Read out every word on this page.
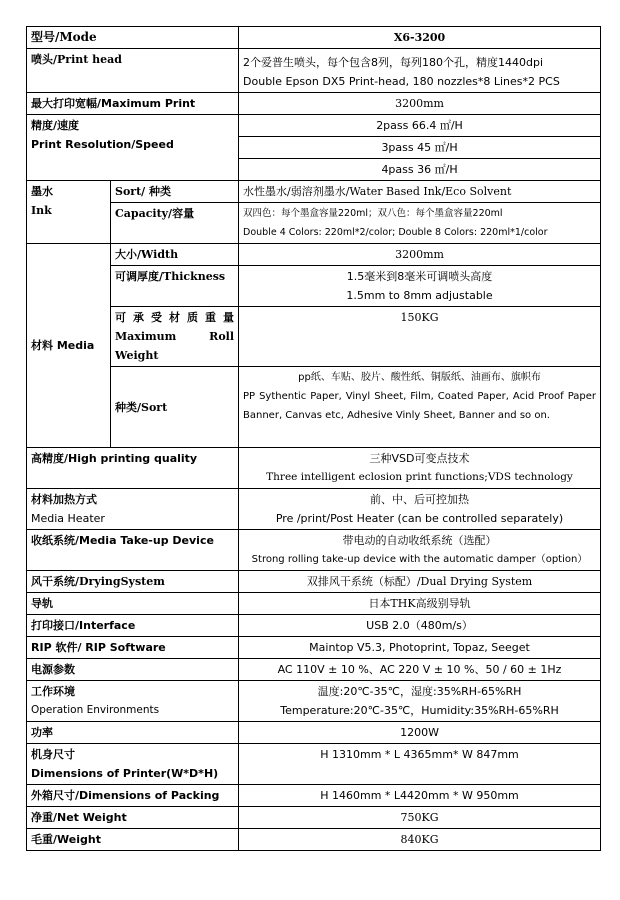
型号/Mode		X6-3200
喷头/Print head		2个爱普生喷头，每个包含8列，每列180个孔，精度1440dpi
Double Epson DX5 Print-head, 180 nozzles*8 Lines*2 PCS

最大打印宽幅/Maximum Print		3200mm

精度/速度
Print Resolution/Speed		2pass 66.4 ㎡/H
		3pass 45 ㎡/H
		4pass 36 ㎡/H

墨水
Ink	Sort/ 种类	水性墨水/弱溶剂墨水/Water Based Ink/Eco Solvent
	Capacity/容量	双四色：每个墨盒容量220ml；双八色：每个墨盒容量220ml
Double 4 Colors: 220ml*2/color; Double 8 Colors: 220ml*1/color

材料 Media	大小/Width	3200mm
	可调厚度/Thickness	1.5毫米到8毫米可调喷头高度
1.5mm to 8mm adjustable

	可承受材质重量 Maximum Roll Weight	150KG
	种类/Sort	pp纸、车贴、胶片、酸性纸、铜版纸、油画布、旗帜布
PP Sythentic Paper, Vinyl Sheet, Film, Coated Paper, Acid Proof Paper Banner, Canvas etc, Adhesive Vinly Sheet, Banner and so on.

高精度/High printing quality		三种VSD可变点技术
Three intelligent eclosion print functions;VDS technology

材料加热方式
Media Heater		前、中、后可控加热
Pre /print/Post Heater (can be controlled separately)

收纸系统/Media Take-up Device		带电动的自动收纸系统（选配）
Strong rolling take-up device with the automatic damper（option）

风干系统/DryingSystem		双排风干系统（标配）/Dual Drying System
导轨		日本THK高级别导轨
打印接口/Interface		USB 2.0（480m/s）
RIP 软件/ RIP Software		Maintop V5.3, Photoprint, Topaz, Seeget
电源参数		AC 110V ± 10 %、AC 220 V ± 10 %、50 / 60 ± 1Hz

工作环境
Operation Environments		温度:20℃-35℃，湿度:35%RH-65%RH
Temperature:20℃-35℃，Humidity:35%RH-65%RH

功率		1200W

机身尺寸
Dimensions of Printer(W*D*H)		H 1310mm * L 4365mm* W 847mm
外箱尺寸/Dimensions of Packing		H 1460mm * L4420mm * W 950mm
净重/Net Weight		750KG
毛重/Weight		840KG
